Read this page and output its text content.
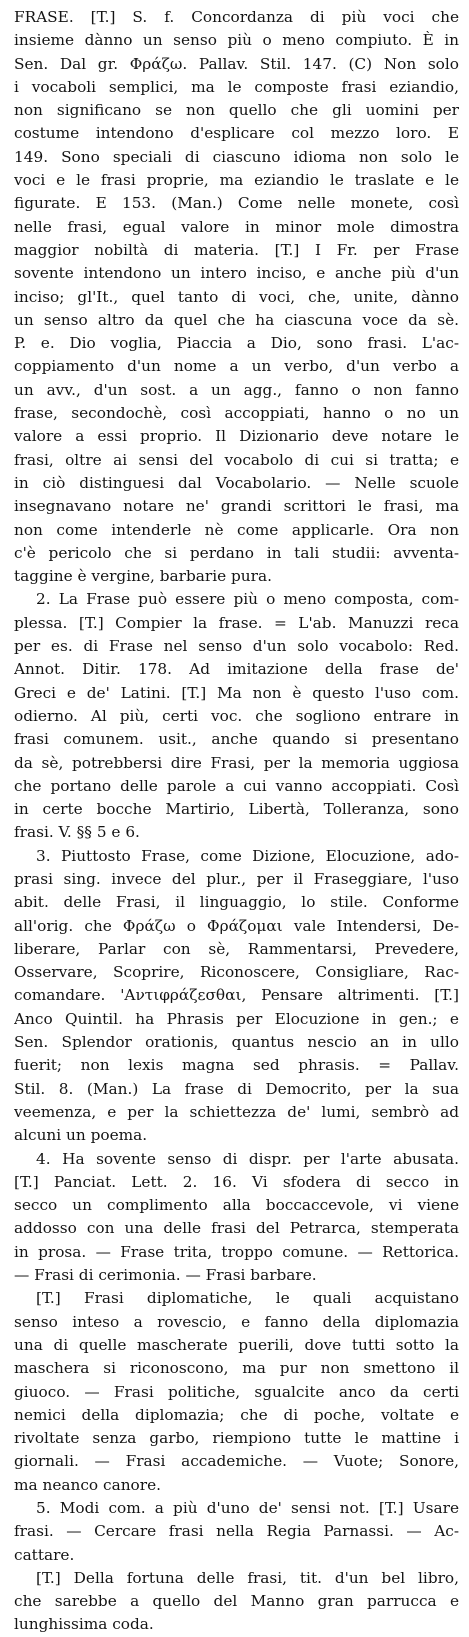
FRASE. [T.] S. f. Concordanza di più voci che
insieme dànno un senso più o meno compiuto. È in
Sen. Dal gr. Φράζω. Pallav. Stil. 147. (C) Non solo
i vocaboli semplici, ma le composte frasi eziandio,
non significano se non quello che gli uomini per
costume intendono d'esplicare col mezzo loro. E
149. Sono speciali di ciascuno idioma non solo le
voci e le frasi proprie, ma eziandio le traslate e le
figurate. E 153. (Man.) Come nelle monete, così
nelle frasi, egual valore in minor mole dimostra
maggior nobiltà di materia. [T.] I Fr. per Frase
sovente intendono un intero inciso, e anche più d'un
inciso; gl'It., quel tanto di voci, che, unite, dànno
un senso altro da quel che ha ciascuna voce da sè.
P. e. Dio voglia, Piaccia a Dio, sono frasi. L'ac-
coppiamento d'un nome a un verbo, d'un verbo a
un avv., d'un sost. a un agg., fanno o non fanno
frase, secondochè, così accoppiati, hanno o no un
valore a essi proprio. Il Dizionario deve notare le
frasi, oltre ai sensi del vocabolo di cui si tratta; e
in ciò distinguesi dal Vocabolario. — Nelle scuole
insegnavano notare ne' grandi scrittori le frasi, ma
non come intenderle nè come applicarle. Ora non
c'è pericolo che si perdano in tali studii: avventa-
taggine è vergine, barbarie pura.
2. La Frase può essere più o meno composta, com-
plessa. [T.] Compier la frase. = L'ab. Manuzzi reca
per es. di Frase nel senso d'un solo vocabolo: Red.
Annot. Ditir. 178. Ad imitazione della frase de'
Greci e de' Latini. [T.] Ma non è questo l'uso com.
odierno. Al più, certi voc. che sogliono entrare in
frasi comunem. usit., anche quando si presentano
da sè, potrebbersi dire Frasi, per la memoria uggiosa
che portano delle parole a cui vanno accoppiati. Così
in certe bocche Martirio, Libertà, Tolleranza, sono
frasi. V. §§ 5 e 6.
3. Piuttosto Frase, come Dizione, Elocuzione, ado-
prasi sing. invece del plur., per il Fraseggiare, l'uso
abit. delle Frasi, il linguaggio, lo stile. Conforme
all'orig. che Φράζω o Φράζομαι vale Intendersi, De-
liberare, Parlar con sè, Rammentarsi, Prevedere,
Osservare, Scoprire, Riconoscere, Consigliare, Rac-
comandare. 'Αντιφράζεσθαι, Pensare altrimenti. [T.]
Anco Quintil. ha Phrasis per Elocuzione in gen.; e
Sen. Splendor orationis, quantus nescio an in ullo
fuerit; non lexis magna sed phrasis. = Pallav.
Stil. 8. (Man.) La frase di Democrito, per la sua
veemenza, e per la schiettezza de' lumi, sembrò ad
alcuni un poema.
4. Ha sovente senso di dispr. per l'arte abusata.
[T.] Panciat. Lett. 2. 16. Vi sfodera di secco in
secco un complimento alla boccaccevole, vi viene
addosso con una delle frasi del Petrarca, stemperata
in prosa. — Frase trita, troppo comune. — Rettorica.
— Frasi di cerimonia. — Frasi barbare.
[T.] Frasi diplomatiche, le quali acquistano
senso inteso a rovescio, e fanno della diplomazia
una di quelle mascherate puerili, dove tutti sotto la
maschera si riconoscono, ma pur non smettono il
giuoco. — Frasi politiche, sgualcite anco da certi
nemici della diplomazia; che di poche, voltate e
rivoltate senza garbo, riempiono tutte le mattine i
giornali. — Frasi accademiche. — Vuote; Sonore,
ma neanco canore.
5. Modi com. a più d'uno de' sensi not. [T.] Usare
frasi. — Cercare frasi nella Regia Parnassi. — Ac-
cattare.
[T.] Della fortuna delle frasi, tit. d'un bel libro,
che sarebbe a quello del Manno gran parrucca e
lunghissima coda.
